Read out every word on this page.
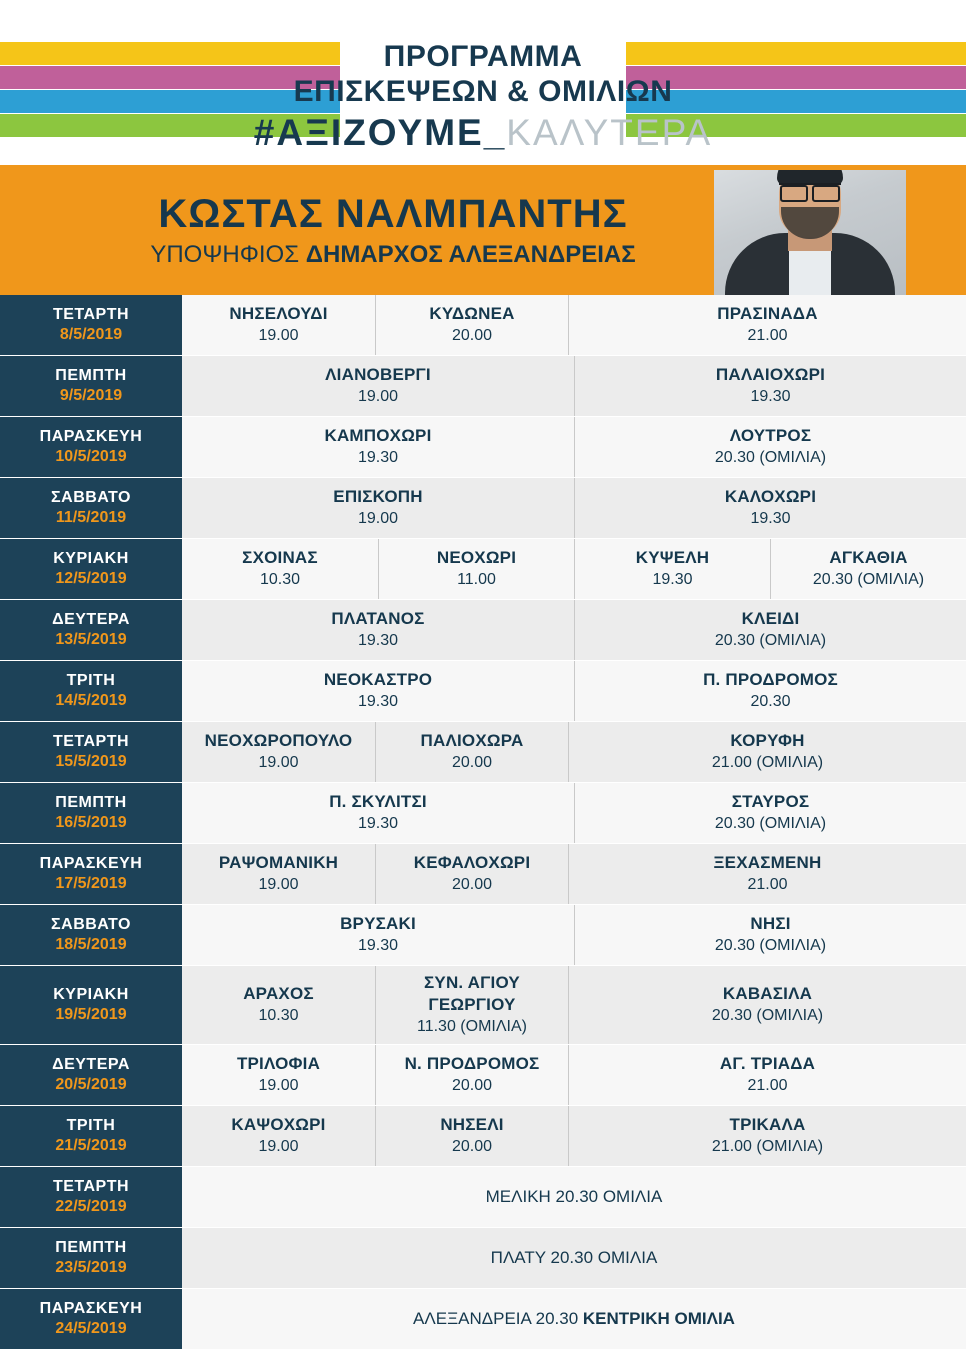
ΠΡΟΓΡΑΜΜΑ
ΕΠΙΣΚΕΨΕΩΝ & ΟΜΙΛΙΩΝ
#ΑΞΙΖΟΥΜΕ_ΚΑΛΥΤΕΡΑ
ΚΩΣΤΑΣ ΝΑΛΜΠΑΝΤΗΣ
ΥΠΟΨΗΦΙΟΣ ΔΗΜΑΡΧΟΣ ΑΛΕΞΑΝΔΡΕΙΑΣ
ΤΕΤΑΡΤΗ
8/5/2019
ΝΗΣΕΛΟΥΔΙ
19.00
ΚΥΔΩΝΕΑ
20.00
ΠΡΑΣΙΝΑΔΑ
21.00
ΠΕΜΠΤΗ
9/5/2019
ΛΙΑΝΟΒΕΡΓΙ
19.00
ΠΑΛΑΙΟΧΩΡΙ
19.30
ΠΑΡΑΣΚΕΥΗ
10/5/2019
ΚΑΜΠΟΧΩΡΙ
19.30
ΛΟΥΤΡΟΣ
20.30 (ΟΜΙΛΙΑ)
ΣΑΒΒΑΤΟ
11/5/2019
ΕΠΙΣΚΟΠΗ
19.00
ΚΑΛΟΧΩΡΙ
19.30
ΚΥΡΙΑΚΗ
12/5/2019
ΣΧΟΙΝΑΣ
10.30
ΝΕΟΧΩΡΙ
11.00
ΚΥΨΕΛΗ
19.30
ΑΓΚΑΘΙΑ
20.30 (ΟΜΙΛΙΑ)
ΔΕΥΤΕΡΑ
13/5/2019
ΠΛΑΤΑΝΟΣ
19.30
ΚΛΕΙΔΙ
20.30 (ΟΜΙΛΙΑ)
ΤΡΙΤΗ
14/5/2019
ΝΕΟΚΑΣΤΡΟ
19.30
Π. ΠΡΟΔΡΟΜΟΣ
20.30
ΤΕΤΑΡΤΗ
15/5/2019
ΝΕΟΧΩΡΟΠΟΥΛΟ
19.00
ΠΑΛΙΟΧΩΡΑ
20.00
ΚΟΡΥΦΗ
21.00 (ΟΜΙΛΙΑ)
ΠΕΜΠΤΗ
16/5/2019
Π. ΣΚΥΛΙΤΣΙ
19.30
ΣΤΑΥΡΟΣ
20.30 (ΟΜΙΛΙΑ)
ΠΑΡΑΣΚΕΥΗ
17/5/2019
ΡΑΨΟΜΑΝΙΚΗ
19.00
ΚΕΦΑΛΟΧΩΡΙ
20.00
ΞΕΧΑΣΜΕΝΗ
21.00
ΣΑΒΒΑΤΟ
18/5/2019
ΒΡΥΣΑΚΙ
19.30
ΝΗΣΙ
20.30 (ΟΜΙΛΙΑ)
ΚΥΡΙΑΚΗ
19/5/2019
ΑΡΑΧΟΣ
10.30
ΣΥΝ. ΑΓΙΟΥ ΓΕΩΡΓΙΟΥ
11.30 (ΟΜΙΛΙΑ)
ΚΑΒΑΣΙΛΑ
20.30 (ΟΜΙΛΙΑ)
ΔΕΥΤΕΡΑ
20/5/2019
ΤΡΙΛΟΦΙΑ
19.00
Ν. ΠΡΟΔΡΟΜΟΣ
20.00
ΑΓ. ΤΡΙΑΔΑ
21.00
ΤΡΙΤΗ
21/5/2019
ΚΑΨΟΧΩΡΙ
19.00
ΝΗΣΕΛΙ
20.00
ΤΡΙΚΑΛΑ
21.00 (ΟΜΙΛΙΑ)
ΤΕΤΑΡΤΗ
22/5/2019
ΜΕΛΙΚΗ 20.30 ΟΜΙΛΙΑ
ΠΕΜΠΤΗ
23/5/2019
ΠΛΑΤΥ 20.30 ΟΜΙΛΙΑ
ΠΑΡΑΣΚΕΥΗ
24/5/2019
ΑΛΕΞΑΝΔΡΕΙΑ 20.30 ΚΕΝΤΡΙΚΗ ΟΜΙΛΙΑ
